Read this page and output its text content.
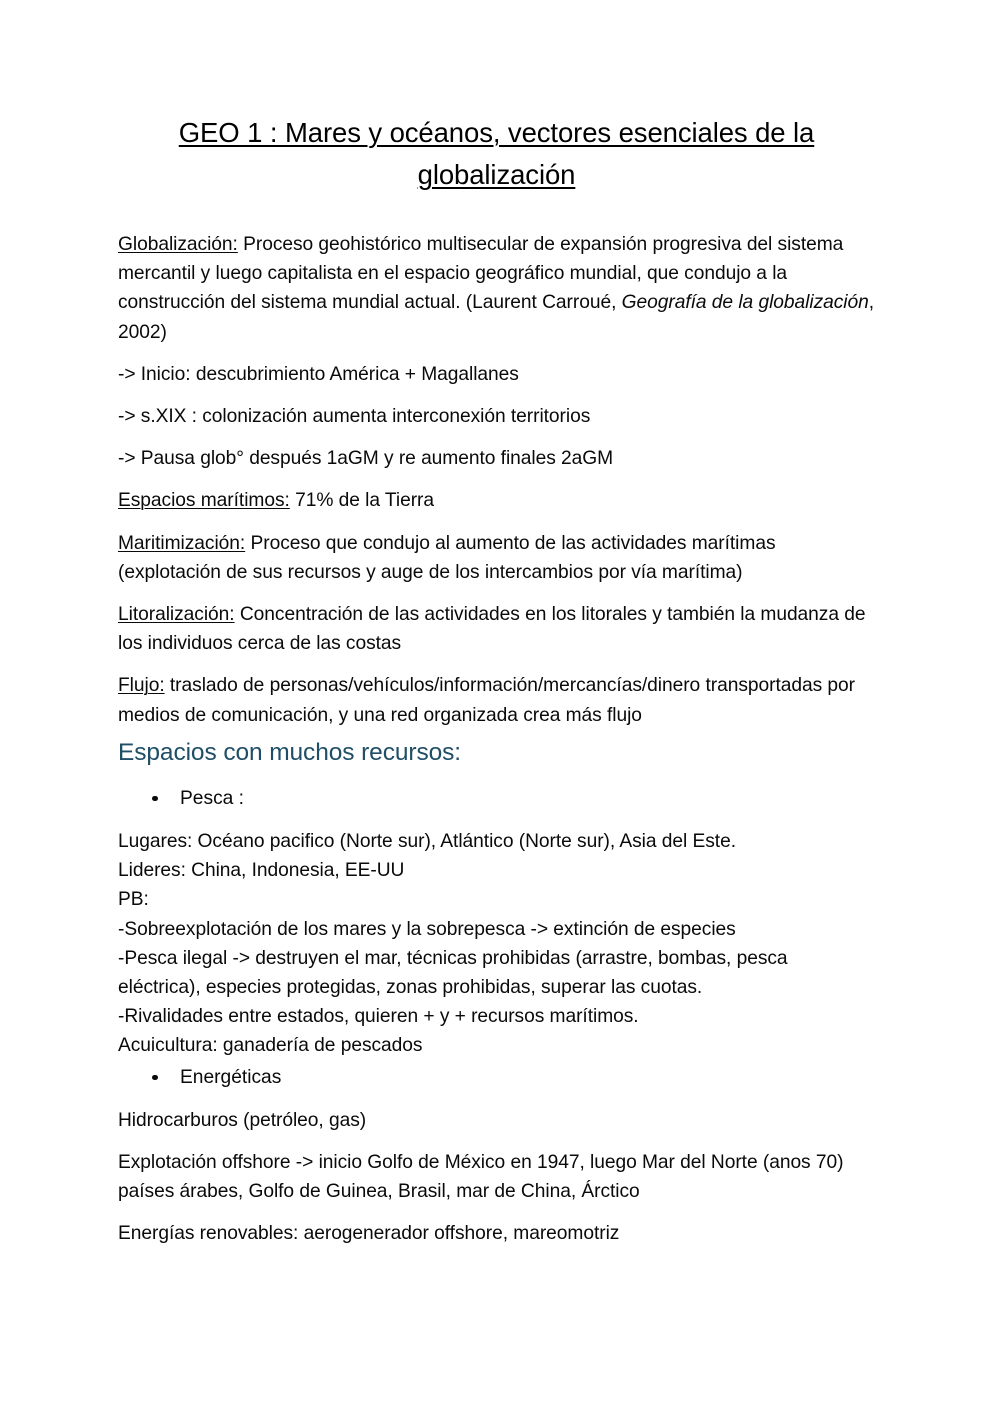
GEO 1 : Mares y océanos, vectores esenciales de la
globalización

Globalización: Proceso geohistórico multisecular de expansión progresiva del sistema mercantil y luego capitalista en el espacio geográfico mundial, que condujo a la construcción del sistema mundial actual. (Laurent Carroué, Geografía de la globalización, 2002)

-> Inicio: descubrimiento América + Magallanes

-> s.XIX : colonización aumenta interconexión territorios

-> Pausa glob° después 1aGM y re aumento finales 2aGM

Espacios marítimos: 71% de la Tierra

Maritimización: Proceso que condujo al aumento de las actividades marítimas (explotación de sus recursos y auge de los intercambios por vía marítima)

Litoralización: Concentración de las actividades en los litorales y también la mudanza de los individuos cerca de las costas

Flujo: traslado de personas/vehículos/información/mercancías/dinero transportadas por medios de comunicación, y una red organizada crea más flujo

Espacios con muchos recursos:
Pesca :
Lugares: Océano pacifico (Norte sur), Atlántico (Norte sur), Asia del Este.
Lideres: China, Indonesia, EE-UU
PB:
-Sobreexplotación de los mares y la sobrepesca -> extinción de especies
-Pesca ilegal -> destruyen el mar, técnicas prohibidas (arrastre, bombas, pesca eléctrica), especies protegidas, zonas prohibidas, superar las cuotas.
-Rivalidades entre estados, quieren + y + recursos marítimos.
Acuicultura: ganadería de pescados
Energéticas

Hidrocarburos (petróleo, gas)

Explotación offshore -> inicio Golfo de México en 1947, luego Mar del Norte (anos 70) países árabes, Golfo de Guinea, Brasil, mar de China, Árctico

Energías renovables: aerogenerador offshore, mareomotriz
